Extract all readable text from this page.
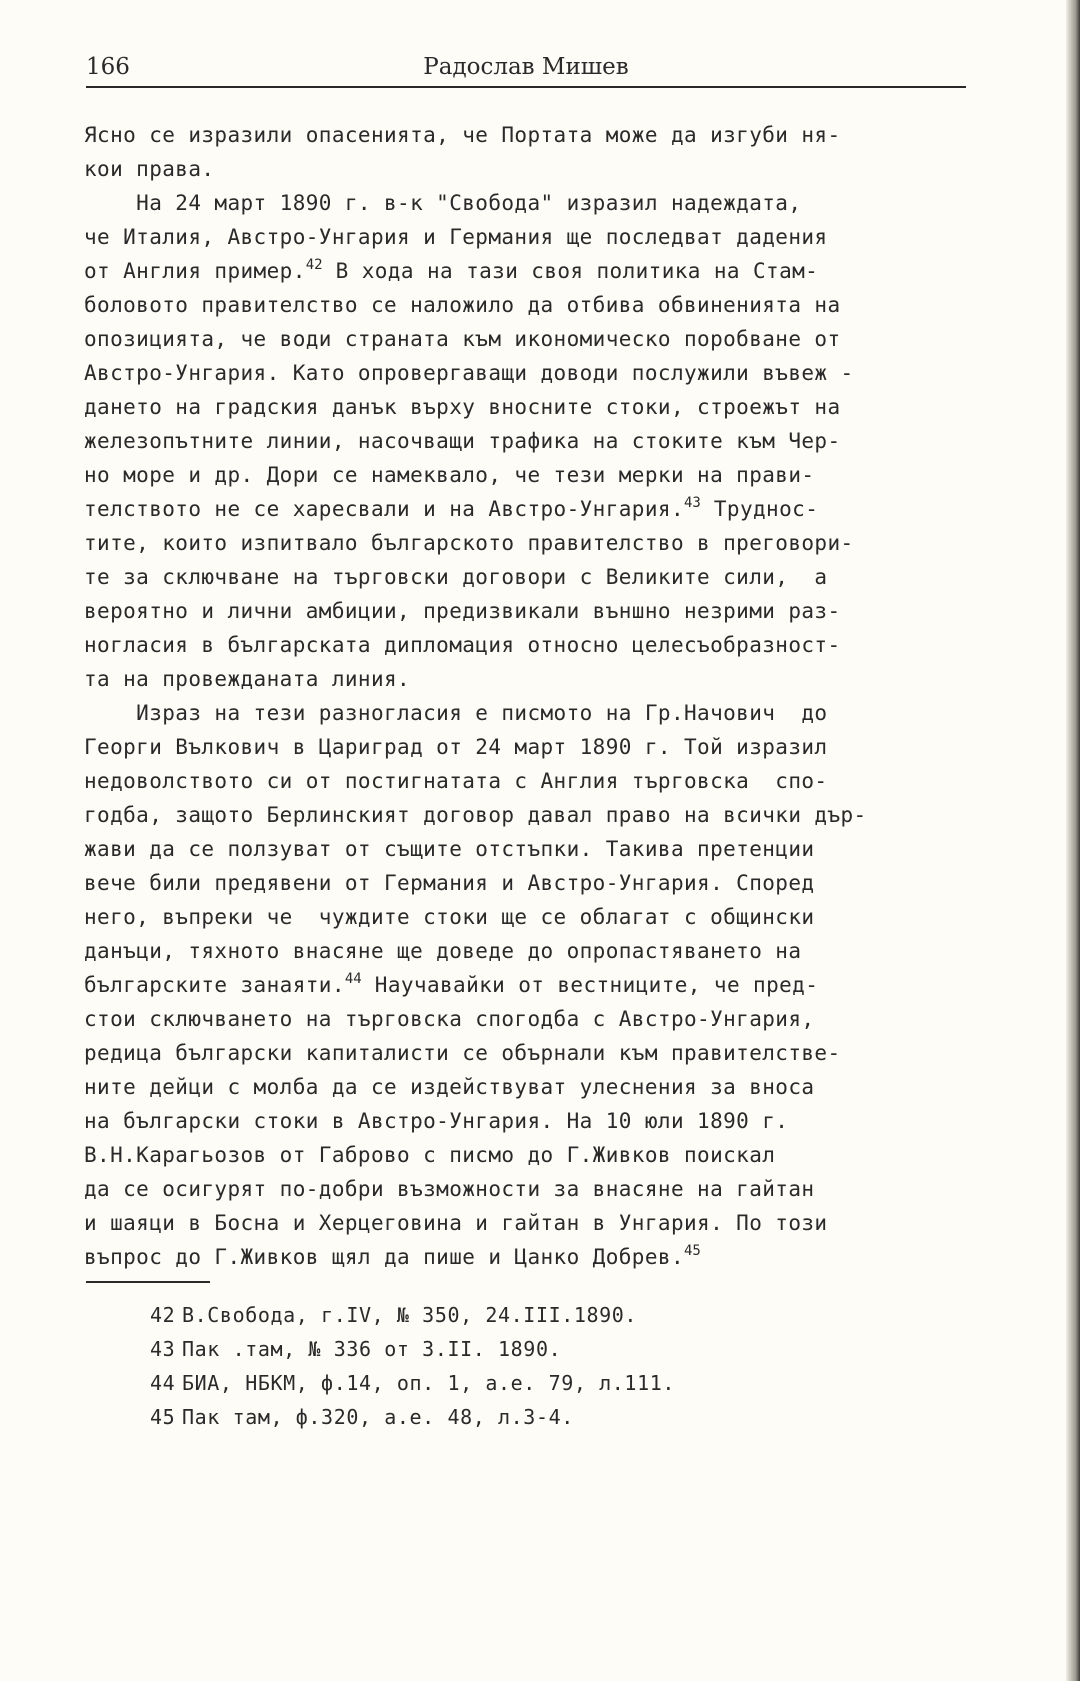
166	Радослав Мишев
Ясно се изразили опасенията, че Портата може да изгуби ня-
кои права.
На 24 март 1890 г. в-к "Свобода" изразил надеждата,
че Италия, Австро-Унгария и Германия ще последват дадения
от Англия пример.$^{42}$ В хода на тази своя политика на Стам-
боловото правителство се наложило да отбива обвиненията на
опозицията, че води страната към икономическо поробване от
Австро-Унгария. Като опровергаващи доводи послужили въвеж -
дането на градския данък върху вносните стоки, строежът на
железопътните линии, насочващи трафика на стоките към Чер-
но море и др. Дори се намеквало, че тези мерки на прави-
телството не се харесвали и на Австро-Унгария.$^{43}$ Труднос-
тите, които изпитвало българското правителство в преговори-
те за сключване на търговски договори с Великите сили,  а
вероятно и лични амбиции, предизвикали външно незрими раз-
ногласия в българската дипломация относно целесъобразност-
та на провежданата линия.
Израз на тези разногласия е писмото на Гр.Начович  до
Георги Вълкович в Цариград от 24 март 1890 г. Той изразил
недоволството си от постигнатата с Англия търговска  спо-
годба, защото Берлинският договор давал право на всички дър-
жави да се ползуват от същите отстъпки. Такива претенции
вече били предявени от Германия и Австро-Унгария. Според
него, въпреки че  чуждите стоки ще се облагат с общински
данъци, тяхното внасяне ще доведе до опропастяването на
българските занаяти.$^{44}$ Научавайки от вестниците, че пред-
стои сключването на търговска спогодба с Австро-Унгария,
редица български капиталисти се обърнали към правителстве-
ните дейци с молба да се издействуват улеснения за вноса
на български стоки в Австро-Унгария. На 10 юли 1890 г.
В.Н.Карагьозов от Габрово с писмо до Г.Живков поискал
да се осигурят по-добри възможности за внасяне на гайтан
и шаяци в Босна и Херцеговина и гайтан в Унгария. По този
въпрос до Г.Живков щял да пише и Цанко Добрев.$^{45}$
42 В.Свобода, г.IV, № 350, 24.III.1890.
43 Пак .там, № 336 от 3.II. 1890.
44 БИА, НБКМ, ф.14, оп. 1, а.е. 79, л.111.
45 Пак там, ф.320, а.е. 48, л.3-4.
